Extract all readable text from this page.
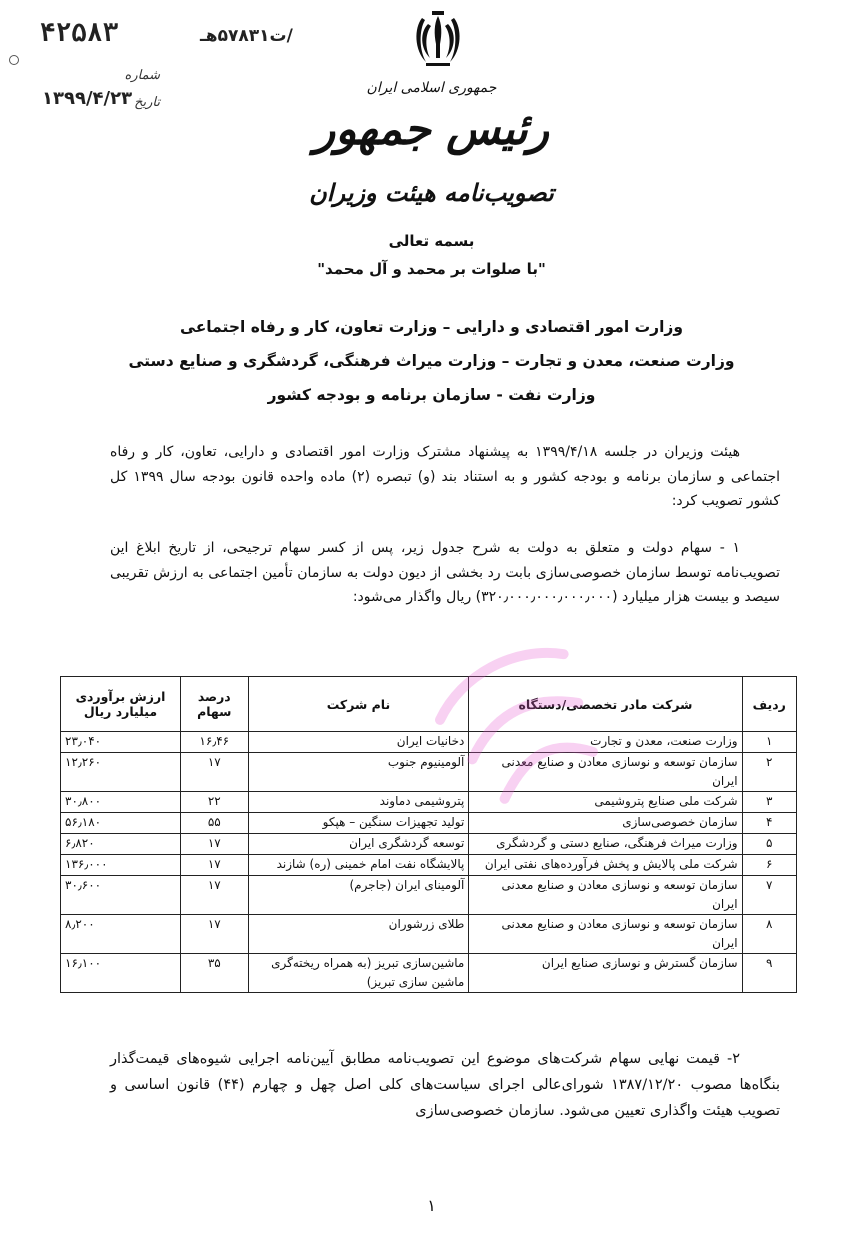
۴۲۵۸۳	/ت۵۷۸۳۱هـ
شماره
۱۳۹۹/۴/۲۳ تاریخ
جمهوری اسلامی ایران
رئیس جمهور
تصویب‌نامه هیئت وزیران
بسمه تعالی
"با صلوات بر محمد و آل محمد"
وزارت امور اقتصادی و دارایی – وزارت تعاون، کار و رفاه اجتماعی
وزارت صنعت، معدن و تجارت – وزارت میراث فرهنگی، گردشگری و صنایع دستی
وزارت نفت - سازمان برنامه و بودجه کشور
هیئت وزیران در جلسه ۱۳۹۹/۴/۱۸ به پیشنهاد مشترک وزارت امور اقتصادی و دارایی، تعاون، کار و رفاه اجتماعی و سازمان برنامه و بودجه کشور و به استناد بند (و) تبصره (۲) ماده واحده قانون بودجه سال ۱۳۹۹ کل کشور تصویب کرد:
۱ - سهام دولت و متعلق به دولت به شرح جدول زیر، پس از کسر سهام ترجیحی، از تاریخ ابلاغ این تصویب‌نامه توسط سازمان خصوصی‌سازی بابت رد بخشی از دیون دولت به سازمان تأمین اجتماعی به ارزش تقریبی سیصد و بیست هزار میلیارد (۳۲۰٫۰۰۰٫۰۰۰٫۰۰۰٫۰۰۰) ریال واگذار می‌شود:
ردیف	شرکت مادر تخصصی/دستگاه	نام شرکت	درصد سهام	ارزش برآوردی میلیارد ریال
۱	وزارت صنعت، معدن و تجارت	دخانیات ایران	۱۶٫۴۶	۲۳٫۰۴۰
۲	سازمان توسعه و نوسازی معادن و صنایع معدنی ایران	آلومینیوم جنوب	۱۷	۱۲٫۲۶۰
۳	شرکت ملی صنایع پتروشیمی	پتروشیمی دماوند	۲۲	۳۰٫۸۰۰
۴	سازمان خصوصی‌سازی	تولید تجهیزات سنگین – هپکو	۵۵	۵۶٫۱۸۰
۵	وزارت میراث فرهنگی، صنایع دستی و گردشگری	توسعه گردشگری ایران	۱۷	۶٫۸۲۰
۶	شرکت ملی پالایش و پخش فرآورده‌های نفتی ایران	پالایشگاه نفت امام خمینی (ره) شازند	۱۷	۱۳۶٫۰۰۰
۷	سازمان توسعه و نوسازی معادن و صنایع معدنی ایران	آلومینای ایران (جاجرم)	۱۷	۳۰٫۶۰۰
۸	سازمان توسعه و نوسازی معادن و صنایع معدنی ایران	طلای زرشوران	۱۷	۸٫۲۰۰
۹	سازمان گسترش و نوسازی صنایع ایران	ماشین‌سازی تبریز (به همراه ریخته‌گری ماشین سازی تبریز)	۳۵	۱۶٫۱۰۰
۲- قیمت نهایی سهام شرکت‌های موضوع این تصویب‌نامه مطابق آیین‌نامه اجرایی شیوه‌های قیمت‌گذار بنگاه‌ها مصوب ۱۳۸۷/۱۲/۲۰ شورای‌عالی اجرای سیاست‌های کلی اصل چهل و چهارم (۴۴) قانون اساسی و تصویب هیئت واگذاری تعیین می‌شود. سازمان خصوصی‌سازی
۱
